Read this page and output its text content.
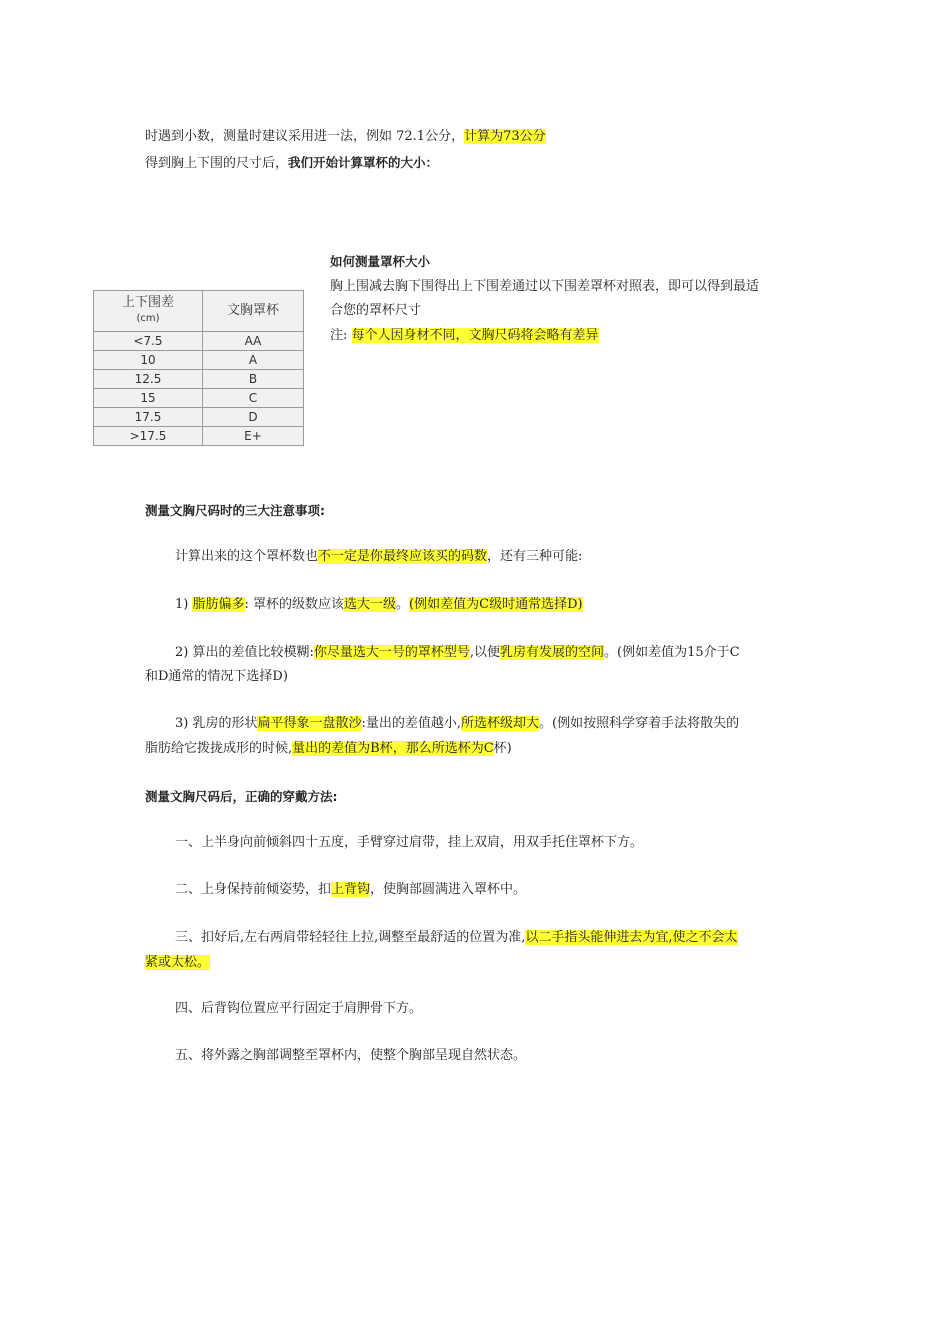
时遇到小数，测量时建议采用进一法，例如 72.1公分，计算为73公分
得到胸上下围的尺寸后，我们开始计算罩杯的大小：
上下围差
(cm)	文胸罩杯
<7.5	AA
10	A
12.5	B
15	C
17.5	D
>17.5	E+
如何测量罩杯大小
胸上围减去胸下围得出上下围差通过以下围差罩杯对照表，即可以得到最适
合您的罩杯尺寸
注: 每个人因身材不同，文胸尺码将会略有差异
测量文胸尺码时的三大注意事项:
计算出来的这个罩杯数也不一定是你最终应该买的码数，还有三种可能:
1) 脂肪偏多: 罩杯的级数应该选大一级。(例如差值为C级时通常选择D)
2) 算出的差值比较模糊:你尽量选大一号的罩杯型号,以便乳房有发展的空间。(例如差值为15介于C
和D通常的情况下选择D)
3) 乳房的形状扁平得象一盘散沙:量出的差值越小,所选杯级却大。(例如按照科学穿着手法将散失的
脂肪给它拨拢成形的时候,量出的差值为B杯，那么所选杯为C杯)
测量文胸尺码后，正确的穿戴方法:
一、上半身向前倾斜四十五度，手臂穿过肩带，挂上双肩，用双手托住罩杯下方。
二、上身保持前倾姿势，扣上背钩，使胸部圆满进入罩杯中。
三、扣好后,左右两肩带轻轻往上拉,调整至最舒适的位置为准,以二手指头能伸进去为宜,使之不会太
紧或太松。
四、后背钩位置应平行固定于肩胛骨下方。
五、将外露之胸部调整至罩杯内，使整个胸部呈现自然状态。
